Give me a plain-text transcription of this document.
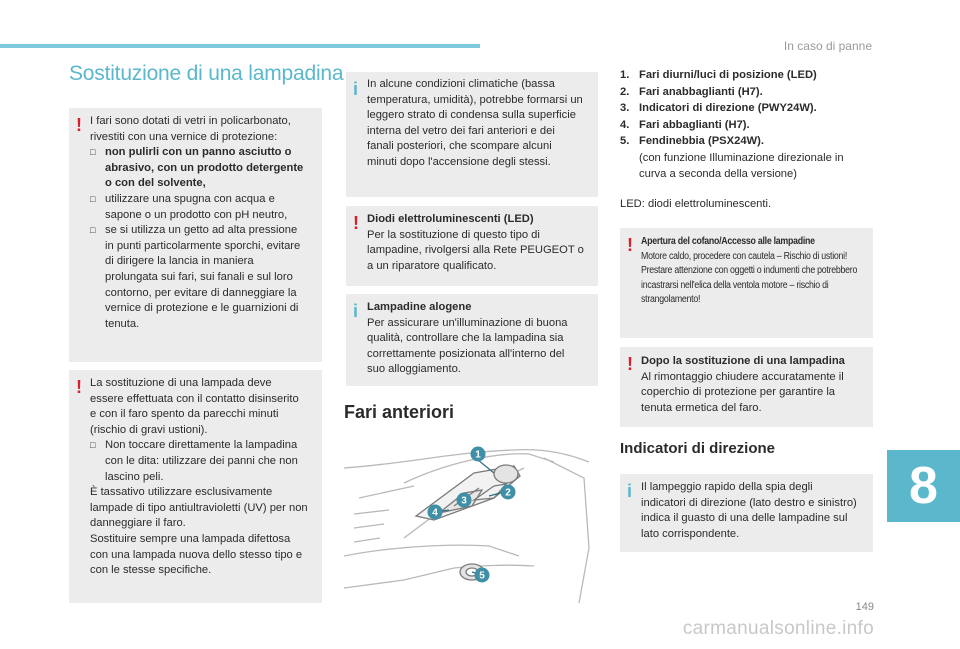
In caso di panne
Sostituzione di una lampadina
! I fari sono dotati di vetri in policarbonato, rivestiti con una vernice di protezione:

□ non pulirli con un panno asciutto o abrasivo, con un prodotto detergente o con del solvente,
□ utilizzare una spugna con acqua e sapone o un prodotto con pH neutro,
□ se si utilizza un getto ad alta pressione in punti particolarmente sporchi, evitare di dirigere la lancia in maniera prolungata sui fari, sui fanali e sul loro contorno, per evitare di danneggiare la vernice di protezione e le guarnizioni di tenuta.
! La sostituzione di una lampada deve essere effettuata con il contatto disinserito e con il faro spento da parecchi minuti (rischio di gravi ustioni).

□ Non toccare direttamente la lampadina con le dita: utilizzare dei panni che non lascino peli.

È tassativo utilizzare esclusivamente lampade di tipo antiultravioletti (UV) per non danneggiare il faro.

Sostituire sempre una lampada difettosa con una lampada nuova dello stesso tipo e con le stesse specifiche.

i In alcune condizioni climatiche (bassa temperatura, umidità), potrebbe formarsi un leggero strato di condensa sulla superficie interna del vetro dei fari anteriori e dei fanali posteriori, che scompare alcuni minuti dopo l'accensione degli stessi.

! Diodi elettroluminescenti (LED)

Per la sostituzione di questo tipo di lampadine, rivolgersi alla Rete PEUGEOT o a un riparatore qualificato.

i Lampadine alogene

Per assicurare un'illuminazione di buona qualità, controllare che la lampadina sia correttamente posizionata all'interno del suo alloggiamento.

Fari anteriori
1
2
3
4
5
1. Fari diurni/luci di posizione (LED)
2. Fari anabbaglianti (H7).
3. Indicatori di direzione (PWY24W).
4. Fari abbaglianti (H7).
5. Fendinebbia (PSX24W).
(con funzione Illuminazione direzionale in curva a seconda della versione)
LED: diodi elettroluminescenti.
! Apertura del cofano/Accesso alle lampadine

Motore caldo, procedere con cautela – Rischio di ustioni!

Prestare attenzione con oggetti o indumenti che potrebbero incastrarsi nell'elica della ventola motore – rischio di strangolamento!

! Dopo la sostituzione di una lampadina

Al rimontaggio chiudere accuratamente il coperchio di protezione per garantire la tenuta ermetica del faro.

Indicatori di direzione
i Il lampeggio rapido della spia degli indicatori di direzione (lato destro e sinistro) indica il guasto di una delle lampadine sul lato corrispondente.

8
149
carmanualsonline.info
